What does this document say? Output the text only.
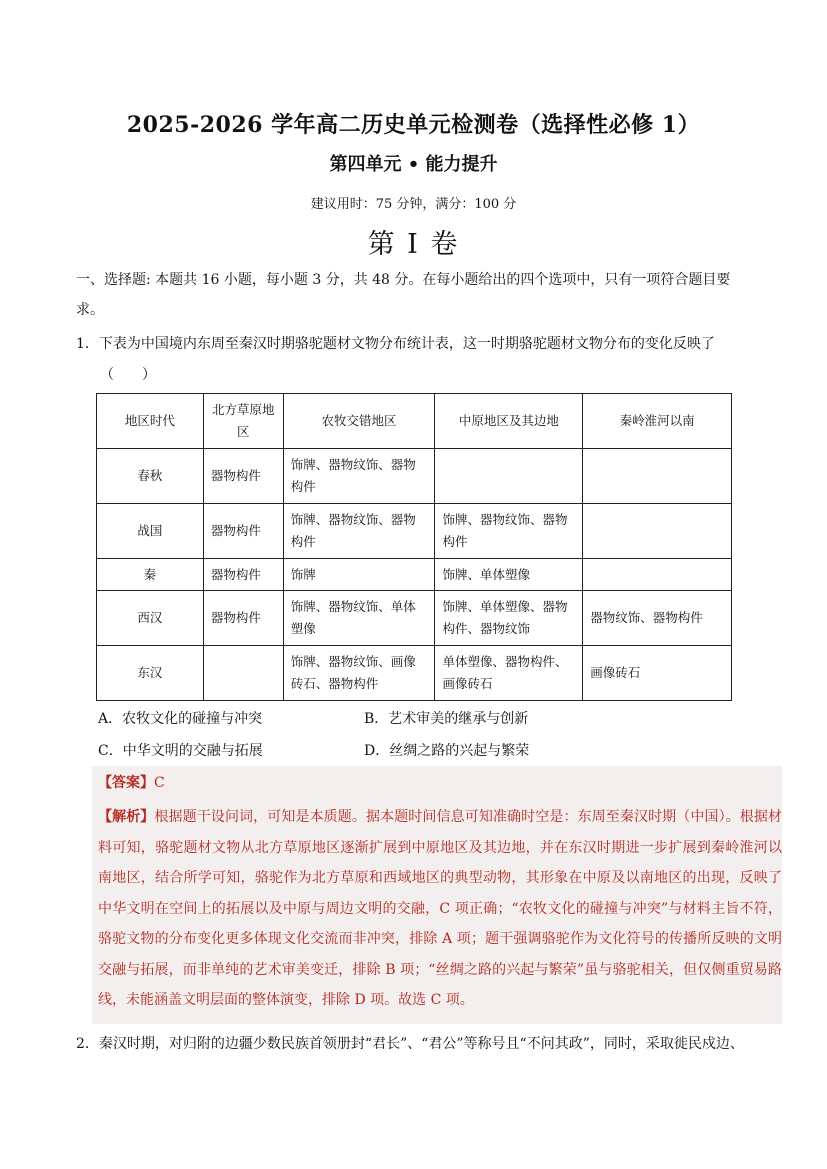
2025-2026 学年高二历史单元检测卷（选择性必修 1）
第四单元 • 能力提升
建议用时：75 分钟，满分：100 分
第 I 卷
一、选择题: 本题共 16 小题，每小题 3 分，共 48 分。在每小题给出的四个选项中，只有一项符合题目要
求。
1．下表为中国境内东周至秦汉时期骆驼题材文物分布统计表，这一时期骆驼题材文物分布的变化反映了
（　　）
地区时代	北方草原地区	农牧交错地区	中原地区及其边地	秦岭淮河以南
春秋	器物构件	饰牌、器物纹饰、器物构件		
战国	器物构件	饰牌、器物纹饰、器物构件	饰牌、器物纹饰、器物构件	
秦	器物构件	饰牌	饰牌、单体塑像	
西汉	器物构件	饰牌、器物纹饰、单体塑像	饰牌、单体塑像、器物构件、器物纹饰	器物纹饰、器物构件
东汉		饰牌、器物纹饰、画像砖石、器物构件	单体塑像、器物构件、画像砖石	画像砖石
A．农牧文化的碰撞与冲突	B．艺术审美的继承与创新
C．中华文明的交融与拓展	D．丝绸之路的兴起与繁荣
【答案】C
【解析】根据题干设问词，可知是本质题。据本题时间信息可知准确时空是：东周至秦汉时期（中国）。根据材料可知，骆驼题材文物从北方草原地区逐渐扩展到中原地区及其边地，并在东汉时期进一步扩展到秦岭淮河以南地区，结合所学可知，骆驼作为北方草原和西域地区的典型动物，其形象在中原及以南地区的出现，反映了中华文明在空间上的拓展以及中原与周边文明的交融，C 项正确；“农牧文化的碰撞与冲突”与材料主旨不符，骆驼文物的分布变化更多体现文化交流而非冲突，排除 A 项；题干强调骆驼作为文化符号的传播所反映的文明交融与拓展，而非单纯的艺术审美变迁，排除 B 项；“丝绸之路的兴起与繁荣”虽与骆驼相关，但仅侧重贸易路线，未能涵盖文明层面的整体演变，排除 D 项。故选 C 项。
2．秦汉时期，对归附的边疆少数民族首领册封“君长”、“君公”等称号且“不问其政”，同时，采取徙民戍边、
